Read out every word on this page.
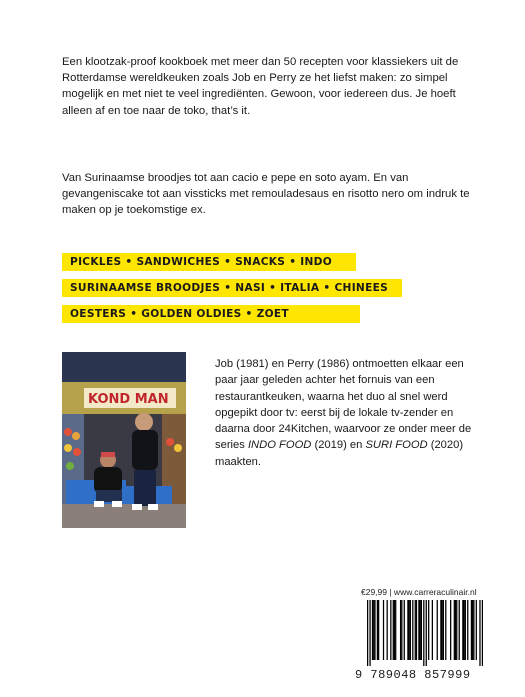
Een klootzak-proof kookboek met meer dan 50 recepten voor klassiekers uit de Rotterdamse wereldkeuken zoals Job en Perry ze het liefst maken: zo simpel mogelijk en met niet te veel ingrediënten. Gewoon, voor iedereen dus. Je hoeft alleen af en toe naar de toko, that’s it.

Van Surinaamse broodjes tot aan cacio e pepe en soto ayam. En van gevangeniscake tot aan vissticks met remouladesaus en risotto nero om indruk te maken op je toekomstige ex.

PICKLES • SANDWICHES • SNACKS • INDO
SURINAAMSE BROODJES • NASI • ITALIA • CHINEES
OESTERS • GOLDEN OLDIES • ZOET
KOND MAN

Job (1981) en Perry (1986) ontmoetten elkaar een paar jaar geleden achter het fornuis van een restaurantkeuken, waarna het duo al snel werd opgepikt door tv: eerst bij de lokale tv-zender en daarna door 24Kitchen, waarvoor ze onder meer de series INDO FOOD (2019) en SURI FOOD (2020) maakten.

€29,99 | www.carreraculinair.nl
9 789048 857999
